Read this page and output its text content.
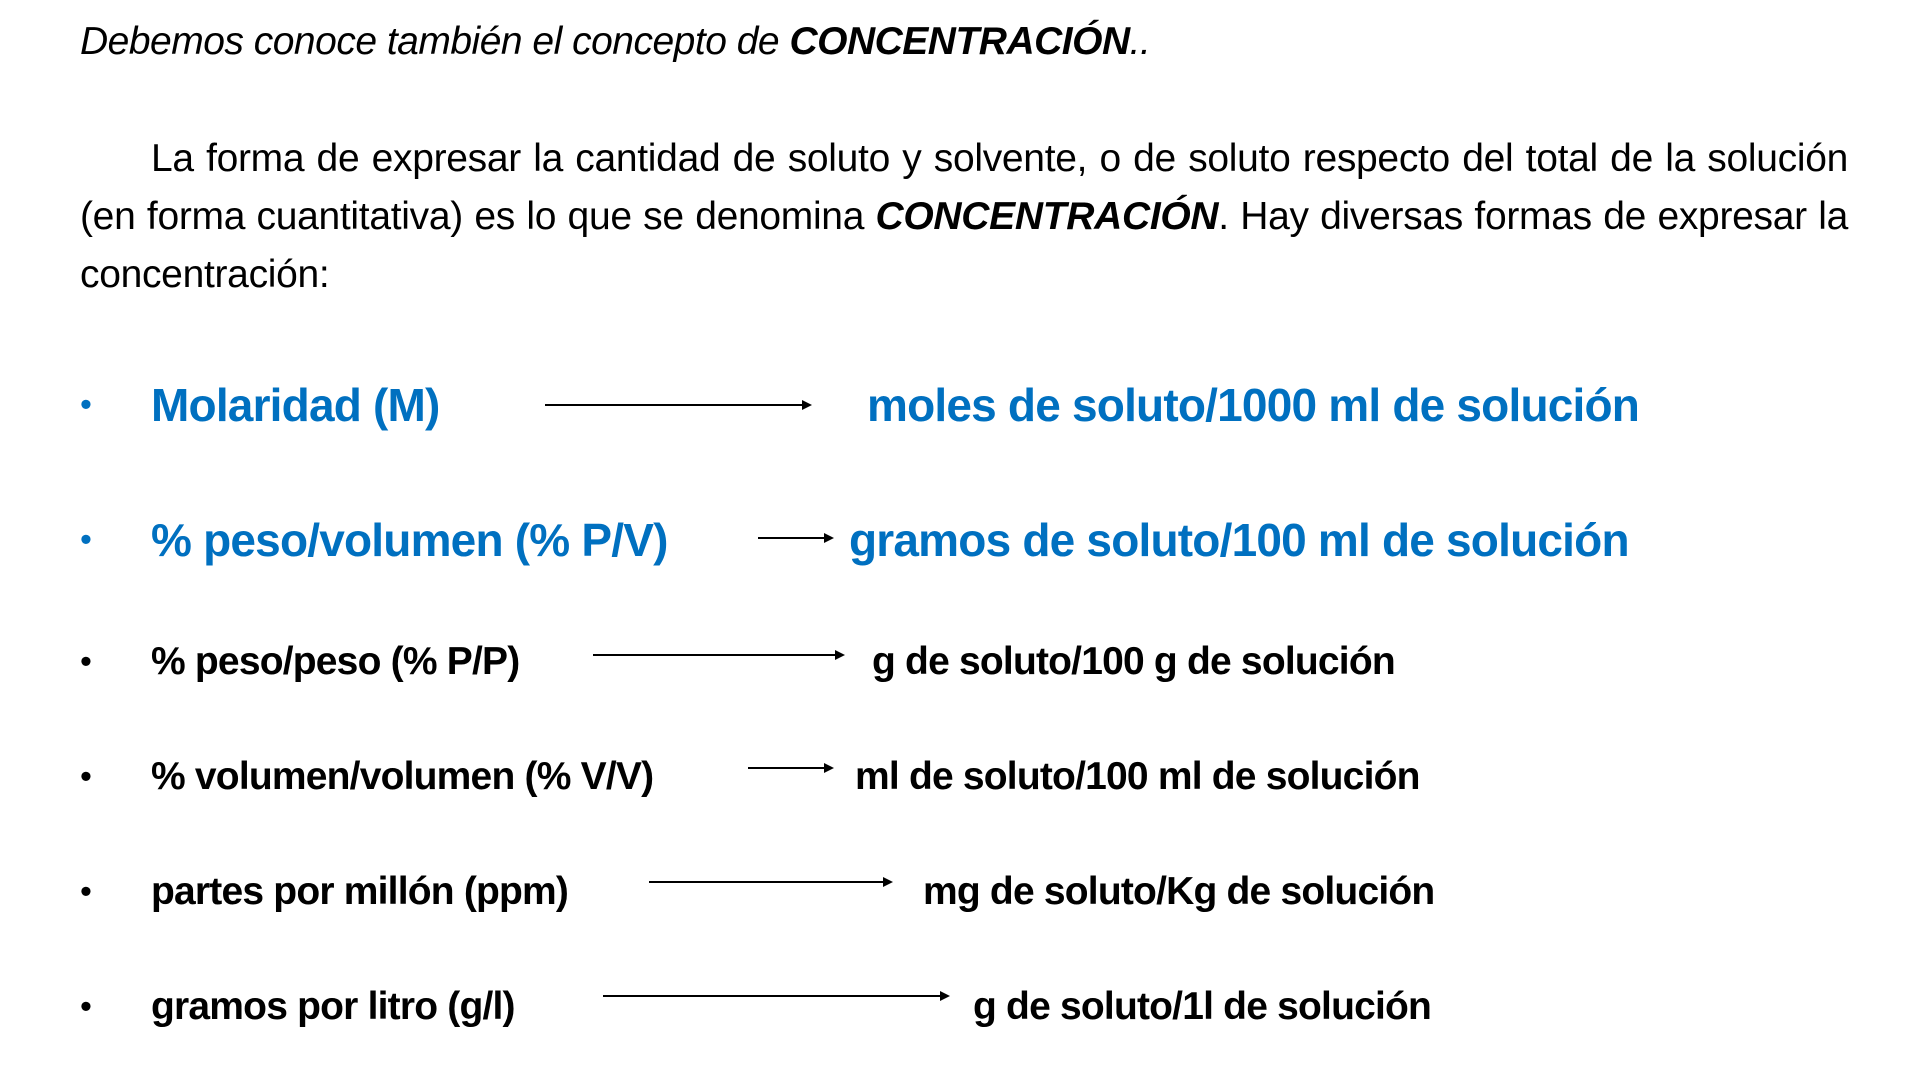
Debemos conoce también el concepto de CONCENTRACIÓN..
La forma de expresar la cantidad de soluto y solvente, o de soluto respecto del total de la solución (en forma cuantitativa) es lo que se denomina CONCENTRACIÓN. Hay diversas formas de expresar la concentración:
• Molaridad (M)	moles de soluto/1000 ml de solución
• % peso/volumen (% P/V)	gramos de soluto/100 ml de solución
• % peso/peso (% P/P)	g de soluto/100 g de solución
• % volumen/volumen (% V/V)	ml de soluto/100 ml de solución
• partes por millón (ppm)	mg de soluto/Kg de solución
• gramos por litro (g/l)	g de soluto/1l de solución
